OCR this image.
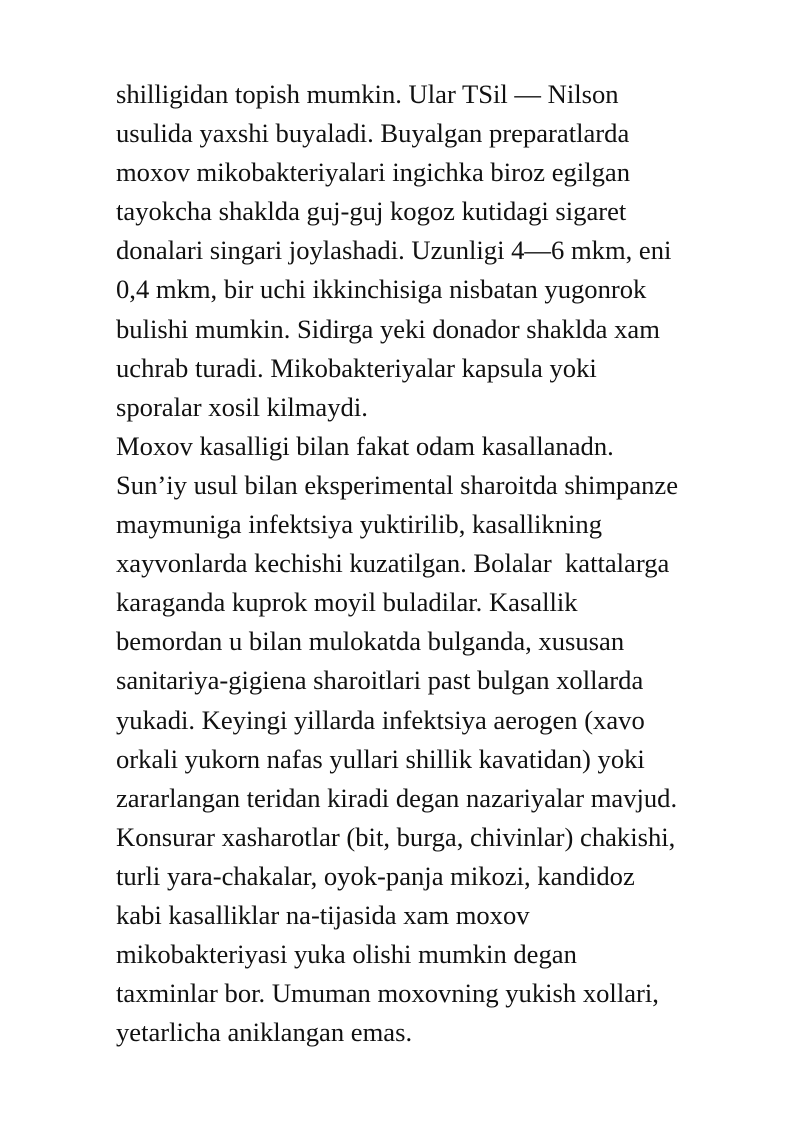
shilligidan topish mumkin. Ular TSil — Nilson
usulida yaxshi buyaladi. Buyalgan preparatlarda
moxov mikobakteriyalari ingichka biroz egilgan
tayokcha shaklda guj-guj kogoz kutidagi sigaret
donalari singari joylashadi. Uzunligi 4—6 mkm, eni
0,4 mkm, bir uchi ikkinchisiga nisbatan yugonrok
bulishi mumkin. Sidirga yeki donador shaklda xam
uchrab turadi. Mikobakteriyalar kapsula yoki
sporalar xosil kilmaydi.
Moxov kasalligi bilan fakat odam kasallanadn.
Sun’iy usul bilan eksperimental sharoitda shimpanze
maymuniga infektsiya yuktirilib, kasallikning
xayvonlarda kechishi kuzatilgan. Bolalar  kattalarga
karaganda kuprok moyil buladilar. Kasallik
bemordan u bilan mulokatda bulganda, xususan
sanitariya-gigiena sharoitlari past bulgan xollarda
yukadi. Keyingi yillarda infektsiya aerogen (xavo
orkali yukorn nafas yullari shillik kavatidan) yoki
zararlangan teridan kiradi degan nazariyalar mavjud.
Konsurar xasharotlar (bit, burga, chivinlar) chakishi,
turli yara-chakalar, oyok-panja mikozi, kandidoz
kabi kasalliklar na-tijasida xam moxov
mikobakteriyasi yuka olishi mumkin degan
taxminlar bor. Umuman moxovning yukish xollari,
yetarlicha aniklangan emas.
